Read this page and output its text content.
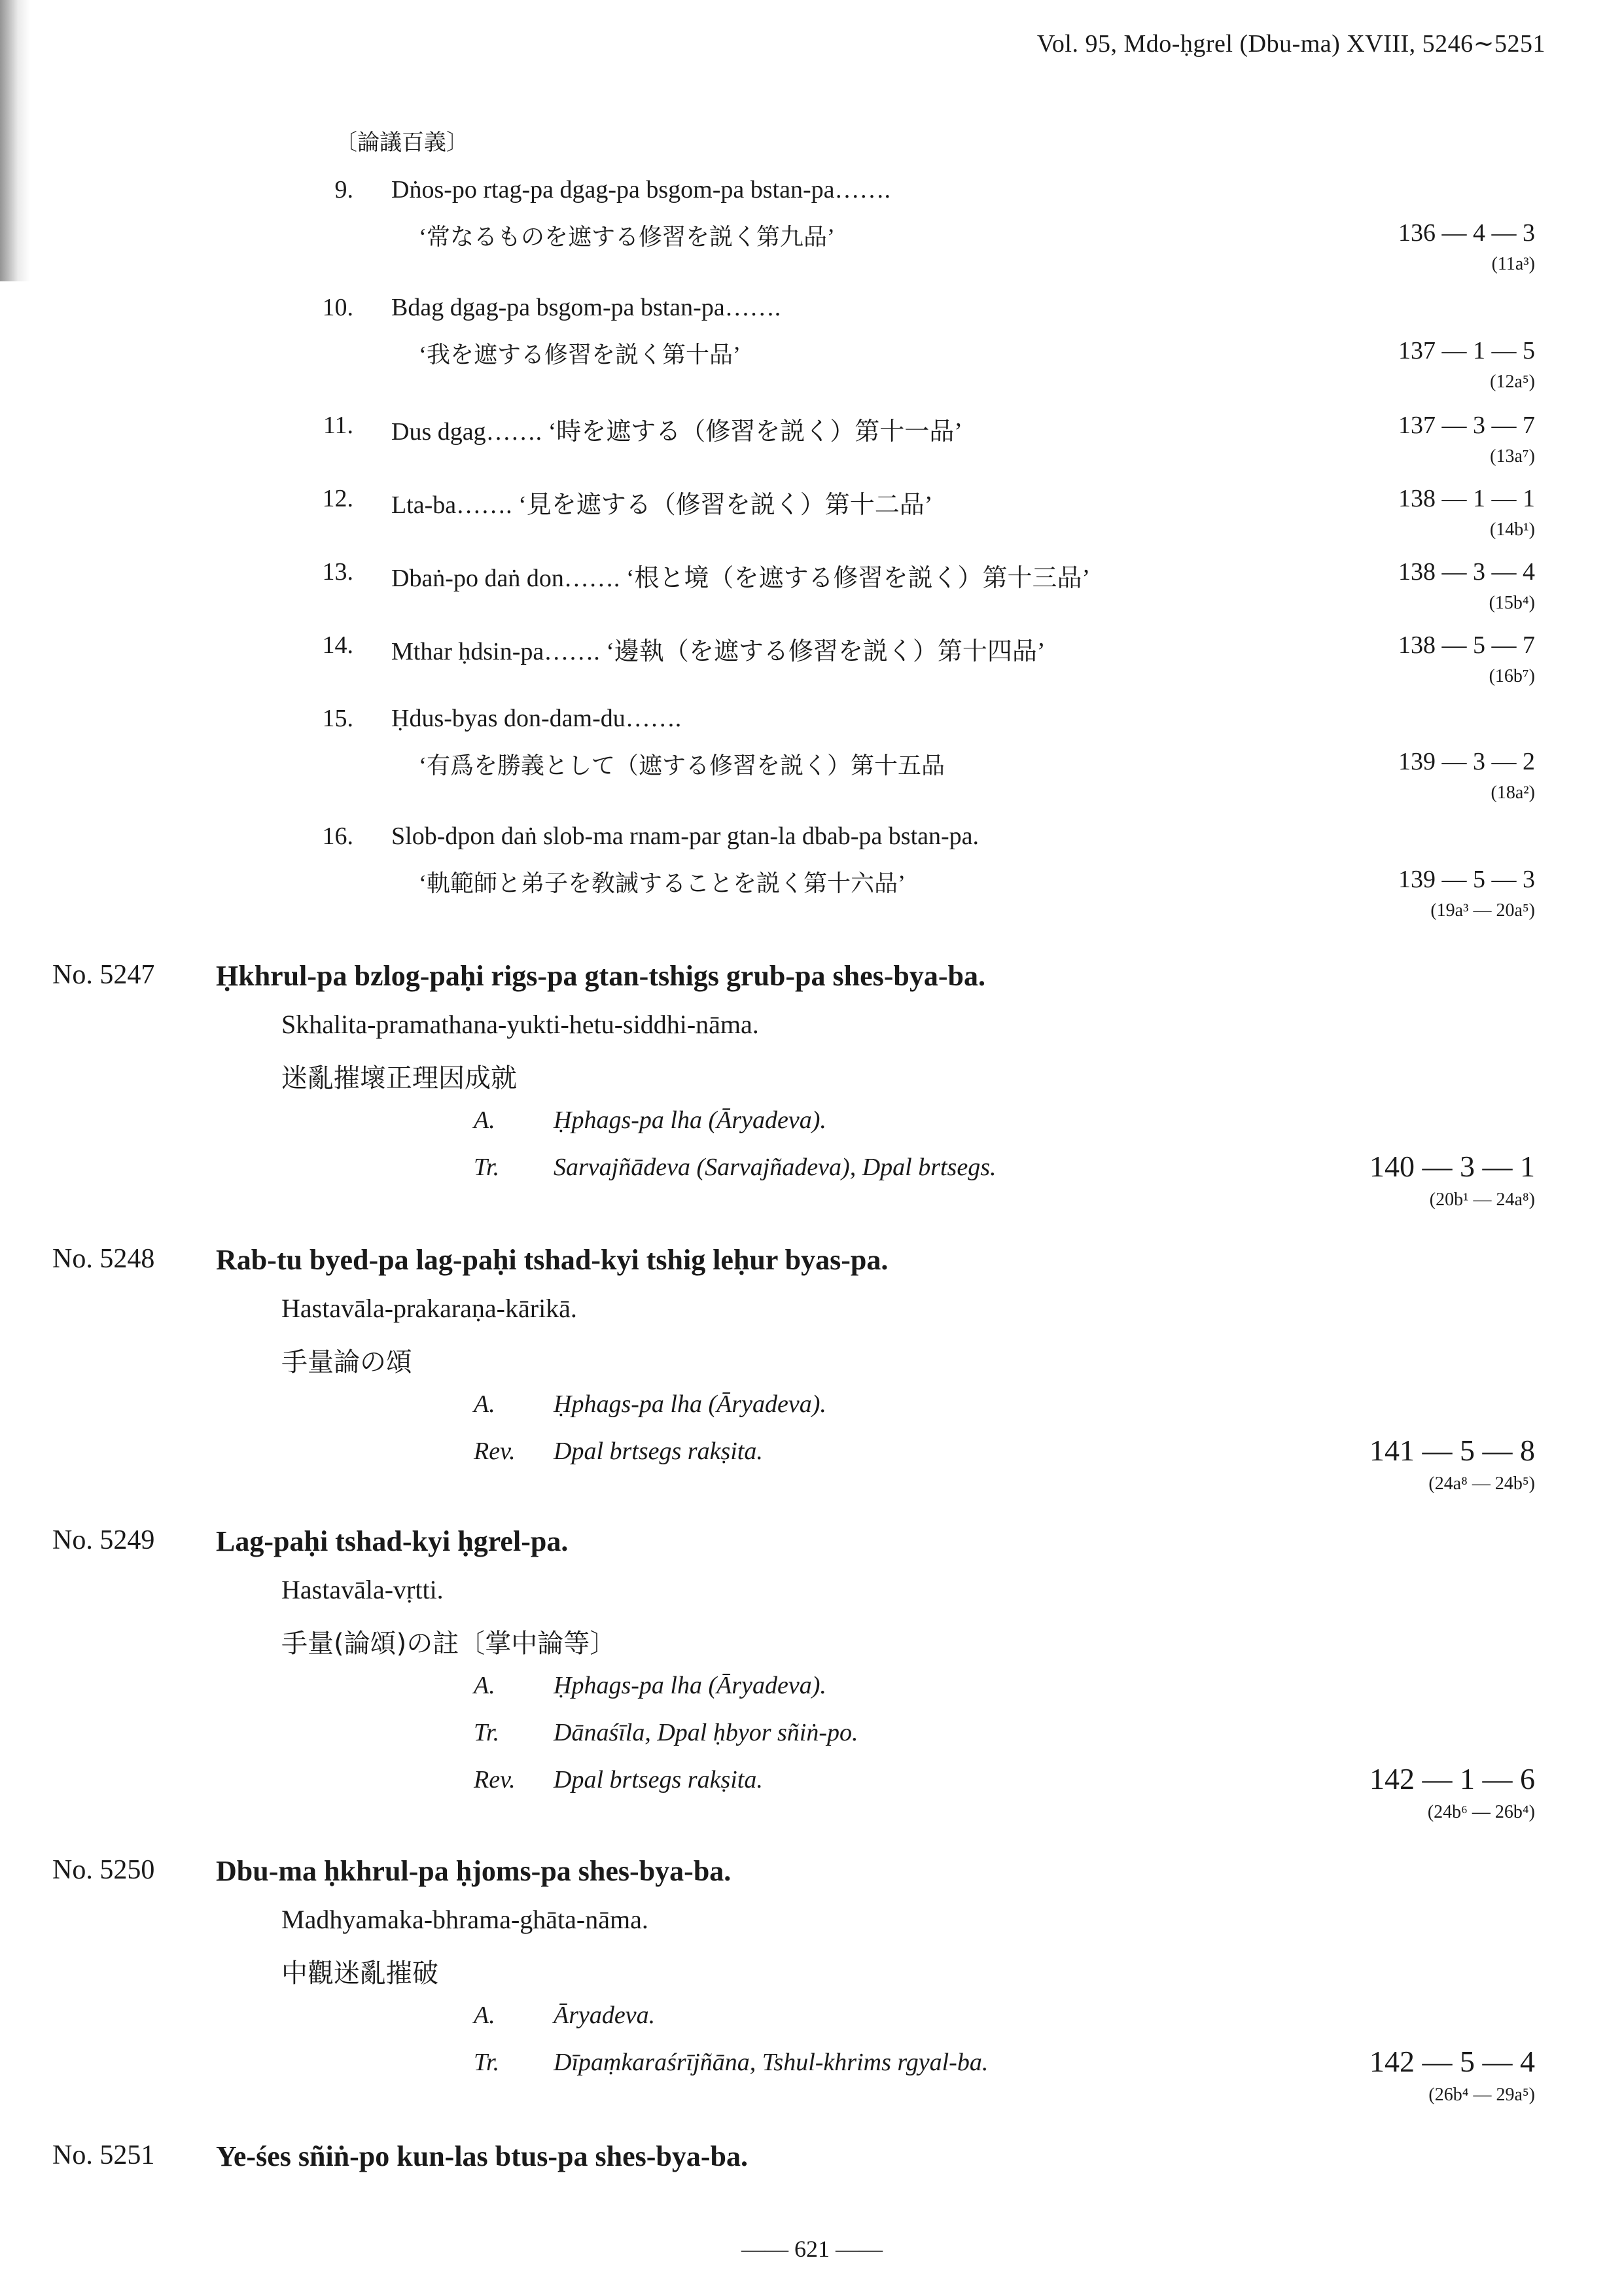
Vol. 95, Mdo-ḥgrel (Dbu-ma) XVIII, 5246∼5251
〔論議百義〕
9. Dṅos-po rtag-pa dgag-pa bsgom-pa bstan-pa…….
‘常なるものを遮する修習を説く第九品’	136 — 4 — 3
(11a³)
10. Bdag dgag-pa bsgom-pa bstan-pa…….
‘我を遮する修習を説く第十品’	137 — 1 — 5
(12a⁵)
11. Dus dgag……. ‘時を遮する（修習を説く）第十一品’	137 — 3 — 7
(13a⁷)
12. Lta-ba……. ‘見を遮する（修習を説く）第十二品’	138 — 1 — 1
(14b¹)
13. Dbaṅ-po daṅ don……. ‘根と境（を遮する修習を説く）第十三品’	138 — 3 — 4
(15b⁴)
14. Mthar ḥdsin-pa……. ‘邊執（を遮する修習を説く）第十四品’	138 — 5 — 7
(16b⁷)
15. Ḥdus-byas don-dam-du…….
‘有爲を勝義として（遮する修習を説く）第十五品	139 — 3 — 2
(18a²)
16. Slob-dpon daṅ slob-ma rnam-par gtan-la dbab-pa bstan-pa.
‘軌範師と弟子を敎誡することを説く第十六品’	139 — 5 — 3
(19a³ — 20a⁵)
No. 5247 Ḥkhrul-pa bzlog-paḥi rigs-pa gtan-tshigs grub-pa shes-bya-ba.
Skhalita-pramathana-yukti-hetu-siddhi-nāma.
迷亂摧壞正理因成就
A.	Ḥphags-pa lha (Āryadeva).
Tr.	Sarvajñādeva (Sarvajñadeva), Dpal brtsegs.	140 — 3 — 1
(20b¹ — 24a⁸)
No. 5248 Rab-tu byed-pa lag-paḥi tshad-kyi tshig leḥur byas-pa.
Hastavāla-prakaraṇa-kārikā.
手量論の頌
A.	Ḥphags-pa lha (Āryadeva).
Rev.	Dpal brtsegs rakṣita.	141 — 5 — 8
(24a⁸ — 24b⁵)
No. 5249 Lag-paḥi tshad-kyi ḥgrel-pa.
Hastavāla-vṛtti.
手量(論頌)の註〔掌中論等〕
A.	Ḥphags-pa lha (Āryadeva).
Tr.	Dānaśīla, Dpal ḥbyor sñiṅ-po.
Rev.	Dpal brtsegs rakṣita.	142 — 1 — 6
(24b⁶ — 26b⁴)
No. 5250 Dbu-ma ḥkhrul-pa ḥjoms-pa shes-bya-ba.
Madhyamaka-bhrama-ghāta-nāma.
中觀迷亂摧破
A.	Āryadeva.
Tr.	Dīpaṃkaraśrījñāna, Tshul-khrims rgyal-ba.	142 — 5 — 4
(26b⁴ — 29a⁵)
No. 5251 Ye-śes sñiṅ-po kun-las btus-pa shes-bya-ba.
—— 621 ——
